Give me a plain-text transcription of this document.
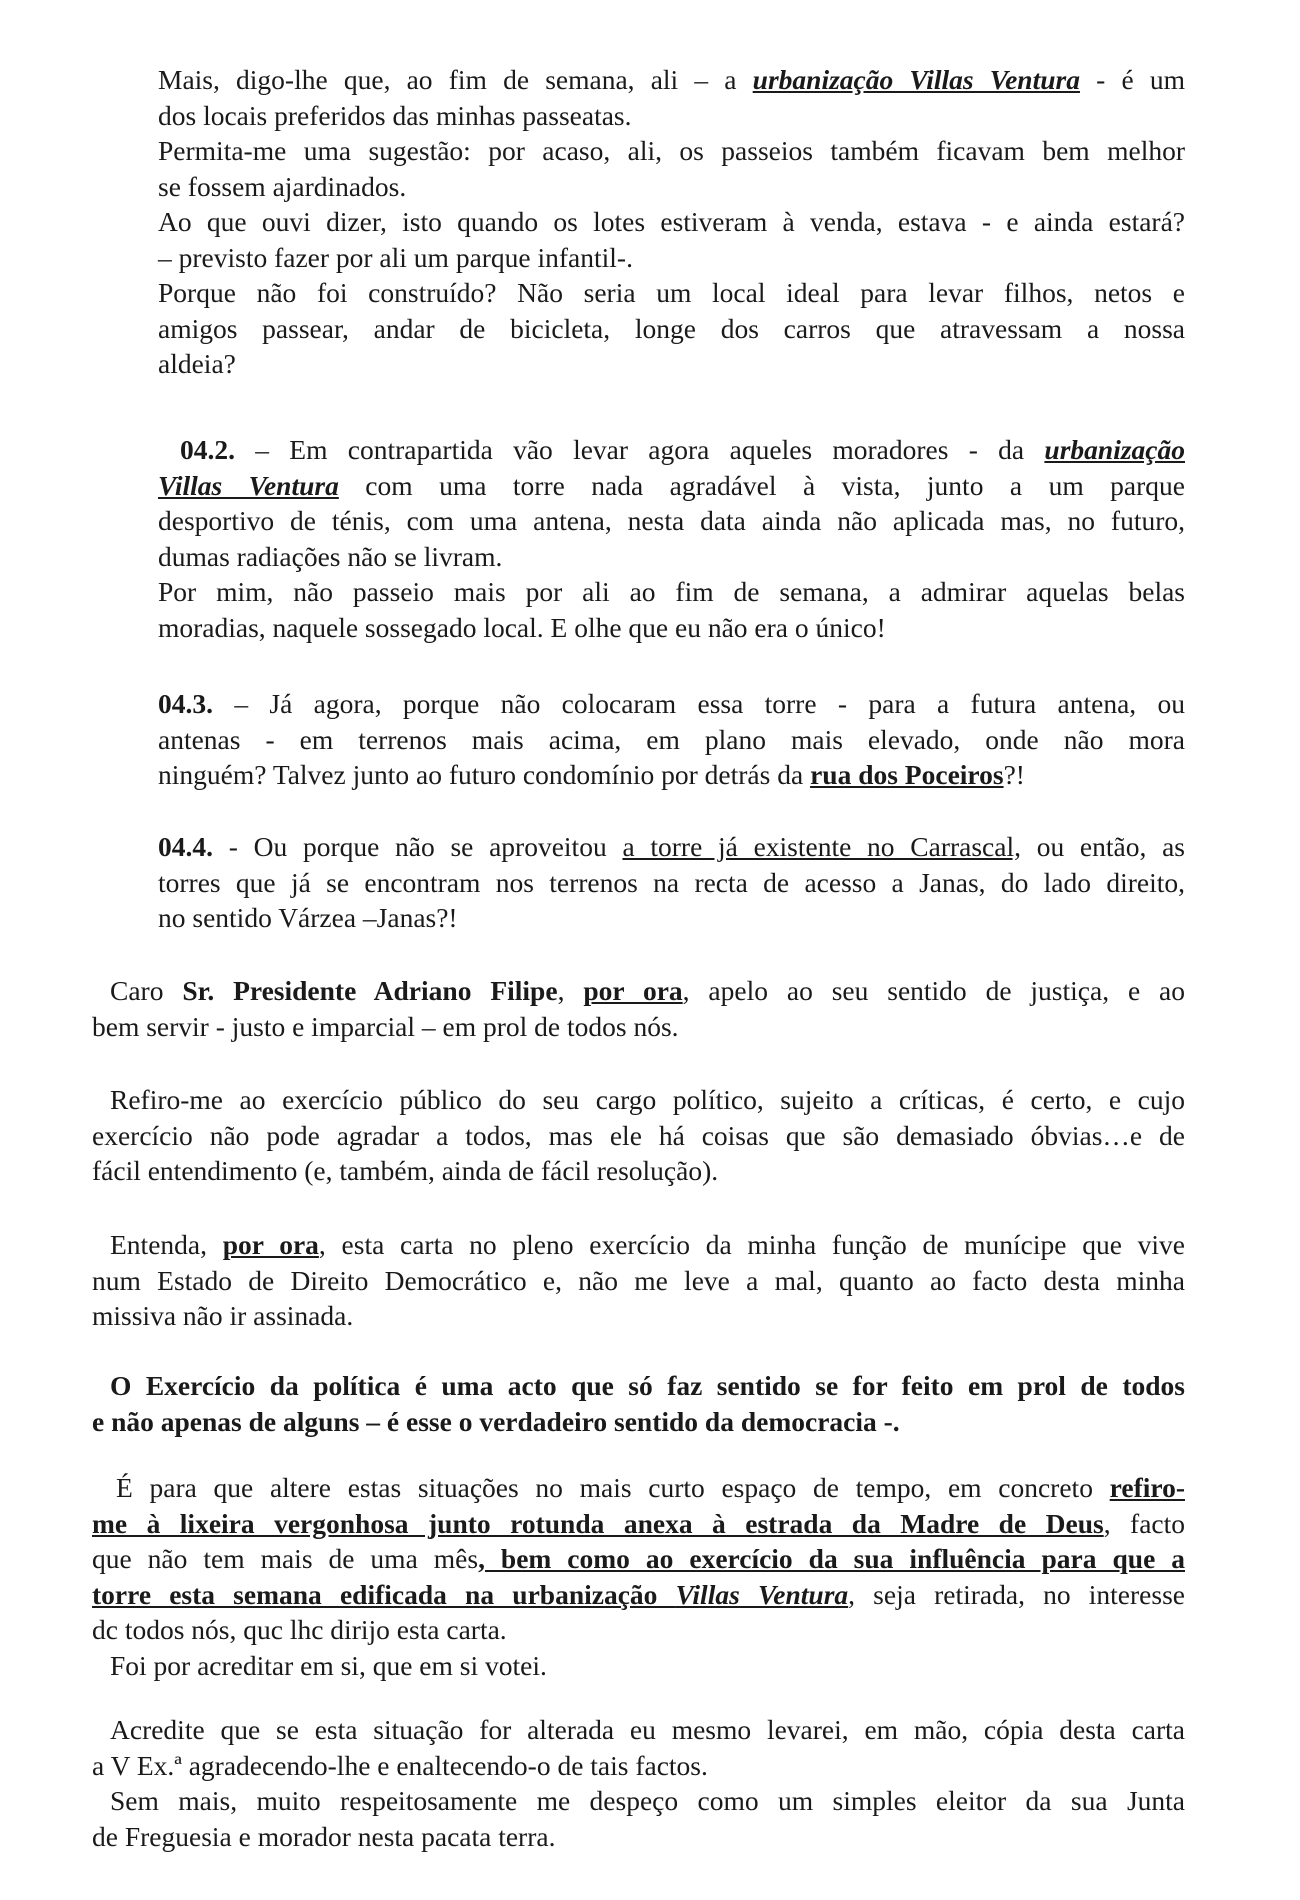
Mais, digo-lhe que, ao fim de semana, ali – a urbanização Villas Ventura - é um
dos locais preferidos das minhas passeatas.
Permita-me uma sugestão: por acaso, ali, os passeios também ficavam bem melhor
se fossem ajardinados.
Ao que ouvi dizer, isto quando os lotes estiveram à venda, estava - e ainda estará?
– previsto fazer por ali um parque infantil-.
Porque não foi construído? Não seria um local ideal para levar filhos, netos e
amigos passear, andar de bicicleta, longe dos carros que atravessam a nossa
aldeia?
04.2. – Em contrapartida vão levar agora aqueles moradores - da urbanização
Villas Ventura com uma torre nada agradável à vista, junto a um parque
desportivo de ténis, com uma antena, nesta data ainda não aplicada mas, no futuro,
dumas radiações não se livram.
Por mim, não passeio mais por ali ao fim de semana, a admirar aquelas belas
moradias, naquele sossegado local. E olhe que eu não era o único!
04.3. – Já agora, porque não colocaram essa torre - para a futura antena, ou
antenas - em terrenos mais acima, em plano mais elevado, onde não mora
ninguém? Talvez junto ao futuro condomínio por detrás da rua dos Poceiros?!
04.4. - Ou porque não se aproveitou a torre já existente no Carrascal, ou então, as
torres que já se encontram nos terrenos na recta de acesso a Janas, do lado direito,
no sentido Várzea –Janas?!
Caro Sr. Presidente Adriano Filipe, por ora, apelo ao seu sentido de justiça, e ao
bem servir - justo e imparcial – em prol de todos nós.
Refiro-me ao exercício público do seu cargo político, sujeito a críticas, é certo, e cujo
exercício não pode agradar a todos, mas ele há coisas que são demasiado óbvias…e de
fácil entendimento (e, também, ainda de fácil resolução).
Entenda, por ora, esta carta no pleno exercício da minha função de munícipe que vive
num Estado de Direito Democrático e, não me leve a mal, quanto ao facto desta minha
missiva não ir assinada.
O Exercício da política é uma acto que só faz sentido se for feito em prol de todos
e não apenas de alguns – é esse o verdadeiro sentido da democracia -.
É para que altere estas situações no mais curto espaço de tempo, em concreto refiro-
me à lixeira vergonhosa junto rotunda anexa à estrada da Madre de Deus, facto
que não tem mais de uma mês, bem como ao exercício da sua influência para que a
torre esta semana edificada na urbanização Villas Ventura, seja retirada, no interesse
dc todos nós, quc lhc dirijo esta carta.
Foi por acreditar em si, que em si votei.
Acredite que se esta situação for alterada eu mesmo levarei, em mão, cópia desta carta
a V Ex.ª agradecendo-lhe e enaltecendo-o de tais factos.
Sem mais, muito respeitosamente me despeço como um simples eleitor da sua Junta
de Freguesia e morador nesta pacata terra.
